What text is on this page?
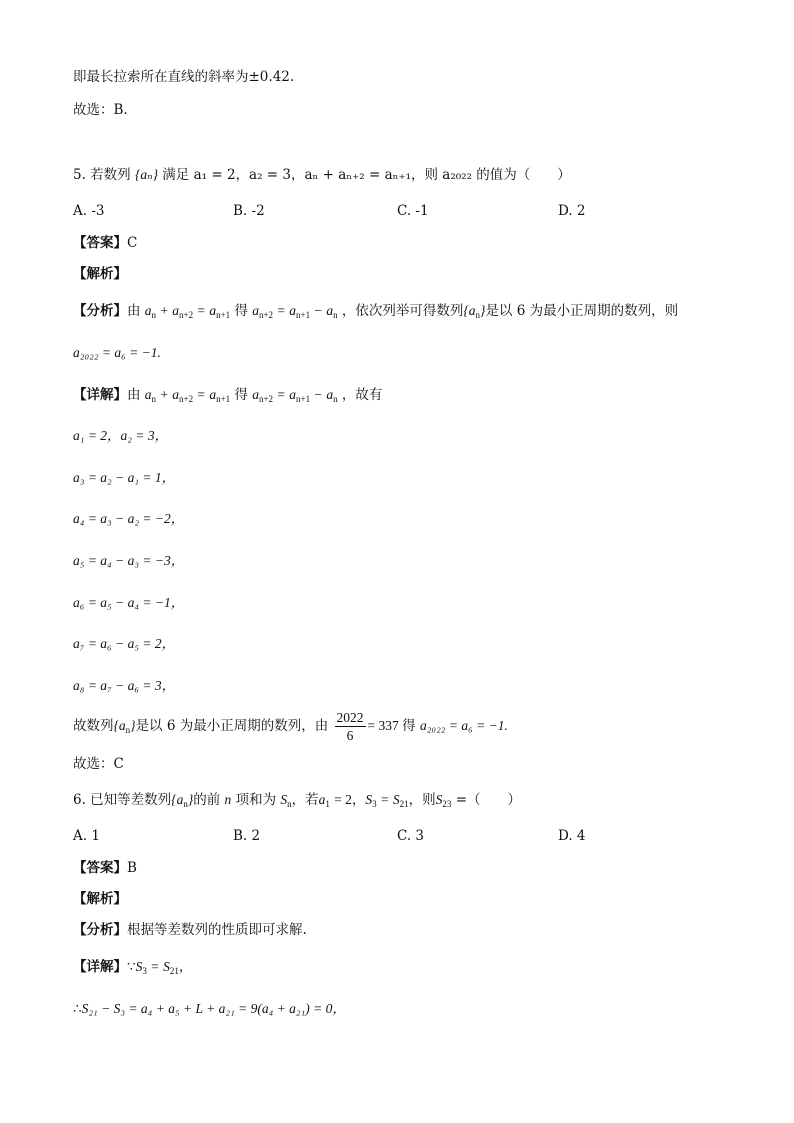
即最长拉索所在直线的斜率为±0.42.
故选：B.
5. 若数列 {aₙ} 满足 a₁ = 2，a₂ = 3，aₙ + aₙ₊₂ = aₙ₊₁，则 a₂₀₂₂ 的值为（　　）
A. -3	B. -2	C. -1	D. 2
【答案】C
【解析】
【分析】由 $a_n + a_{n+2} = a_{n+1}$ 得 $a_{n+2} = a_{n+1} - a_n$ ，依次列举可得数列$\{a_n\}$是以 6 为最小正周期的数列，则
a₂₀₂₂ = a₆ = −1.
【详解】由 $a_n + a_{n+2} = a_{n+1}$ 得 $a_{n+2} = a_{n+1} - a_n$ ，故有
a₁ = 2，a₂ = 3，
a₃ = a₂ − a₁ = 1，
a₄ = a₃ − a₂ = −2，
a₅ = a₄ − a₃ = −3，
a₆ = a₅ − a₄ = −1，
a₇ = a₆ − a₅ = 2，
a₈ = a₇ − a₆ = 3，
故数列$\{a_n\}$是以 6 为最小正周期的数列，由 $\frac{2022}{6} = 337$ 得 a₂₀₂₂ = a₆ = −1.
故选：C
6. 已知等差数列$\{a_n\}$的前 n 项和为 $S_n$，若$a_1 = 2$，$S_3 = S_{21}$，则$S_{23}$ =（　　）
A. 1	B. 2	C. 3	D. 4
【答案】B
【解析】
【分析】根据等差数列的性质即可求解.
【详解】$\because S_3 = S_{21}$，
∴S₂₁ − S₃ = a₄ + a₅ + L + a₂₁ = 9(a₄ + a₂₁) = 0，
